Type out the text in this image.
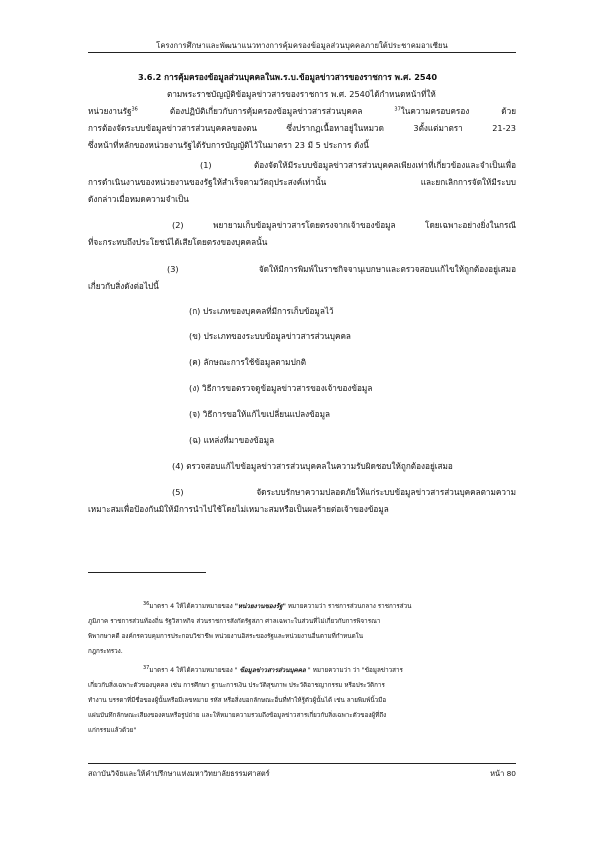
โครงการศึกษาและพัฒนาแนวทางการคุ้มครองข้อมูลส่วนบุคคลภายใต้ประชาคมอาเซียน
3.6.2 การคุ้มครองข้อมูลส่วนบุคคลในพ.ร.บ.ข้อมูลข่าวสารของราชการ พ.ศ. 2540
ตามพระราชบัญญัติข้อมูลข่าวสารของราชการ พ.ศ. 2540ได้กำหนดหน้าที่ให้
หน่วยงานรัฐ$^{36}$ ต้องปฏิบัติเกี่ยวกับการคุ้มครองข้อมูลข่าวสารส่วนบุคคล $^{37}$ในความครอบครอง ด้วย
การต้องจัดระบบข้อมูลข่าวสารส่วนบุคคลของตน ซึ่งปรากฏเนื้อหาอยู่ในหมวด 3ตั้งแต่มาตรา 21-23
ซึ่งหน้าที่หลักของหน่วยงานรัฐได้รับการบัญญัติไว้ในมาตรา 23 มี 5 ประการ ดังนี้
(1) ต้องจัดให้มีระบบข้อมูลข่าวสารส่วนบุคคลเพียงเท่าที่เกี่ยวข้องและจำเป็นเพื่อ
การดำเนินงานของหน่วยงานของรัฐให้สำเร็จตามวัตถุประสงค์เท่านั้น และยกเลิกการจัดให้มีระบบ
ดังกล่าวเมื่อหมดความจำเป็น
(2) พยายามเก็บข้อมูลข่าวสารโดยตรงจากเจ้าของข้อมูล โดยเฉพาะอย่างยิ่งในกรณี
ที่จะกระทบถึงประโยชน์ได้เสียโดยตรงของบุคคลนั้น
(3) จัดให้มีการพิมพ์ในราชกิจจานุเบกษาและตรวจสอบแก้ไขให้ถูกต้องอยู่เสมอ
เกี่ยวกับสิ่งดังต่อไปนี้
(ก) ประเภทของบุคคลที่มีการเก็บข้อมูลไว้
(ข) ประเภทของระบบข้อมูลข่าวสารส่วนบุคคล
(ค) ลักษณะการใช้ข้อมูลตามปกติ
(ง) วิธีการขอตรวจดูข้อมูลข่าวสารของเจ้าของข้อมูล
(จ) วิธีการขอให้แก้ไขเปลี่ยนแปลงข้อมูล
(ฉ) แหล่งที่มาของข้อมูล
(4) ตรวจสอบแก้ไขข้อมูลข่าวสารส่วนบุคคลในความรับผิดชอบให้ถูกต้องอยู่เสมอ
(5) จัดระบบรักษาความปลอดภัยให้แก่ระบบข้อมูลข่าวสารส่วนบุคคลตามความ
เหมาะสมเพื่อป้องกันมิให้มีการนำไปใช้โดยไม่เหมาะสมหรือเป็นผลร้ายต่อเจ้าของข้อมูล
$^{36}$มาตรา 4 ให้ได้ความหมายของ "หน่วยงานของรัฐ" หมายความว่า ราชการส่วนกลาง ราชการส่วน
ภูมิภาค ราชการส่วนท้องถิ่น รัฐวิสาหกิจ ส่วนราชการสังกัดรัฐสภา ศาลเฉพาะในส่วนที่ไม่เกี่ยวกับการพิจารณา
พิพากษาคดี องค์กรควบคุมการประกอบวิชาชีพ หน่วยงานอิสระของรัฐและหน่วยงานอื่นตามที่กำหนดใน
กฎกระทรวง.
$^{37}$มาตรา 4 ให้ได้ความหมายของ " ข้อมูลข่าวสารส่วนบุคคล " หมายความว่า ว่า "ข้อมูลข่าวสาร
เกี่ยวกับสิ่งเฉพาะตัวของบุคคล เช่น การศึกษา ฐานะการเงิน ประวัติสุขภาพ ประวัติอาชญากรรม หรือประวัติการ
ทำงาน บรรดาที่มีชื่อของผู้นั้นหรือมีเลขหมาย รหัส หรือสิ่งบอกลักษณะอื่นที่ทำให้รู้ตัวผู้นั้นได้ เช่น ลายพิมพ์นิ้วมือ
แผ่นบันทึกลักษณะเสียงของคนหรือรูปถ่าย และให้หมายความรวมถึงข้อมูลข่าวสารเกี่ยวกับสิ่งเฉพาะตัวของผู้ที่ถึง
แก่กรรมแล้วด้วย"
สถาบันวิจัยและให้คำปรึกษาแห่งมหาวิทยาลัยธรรมศาสตร์	หน้า 80
